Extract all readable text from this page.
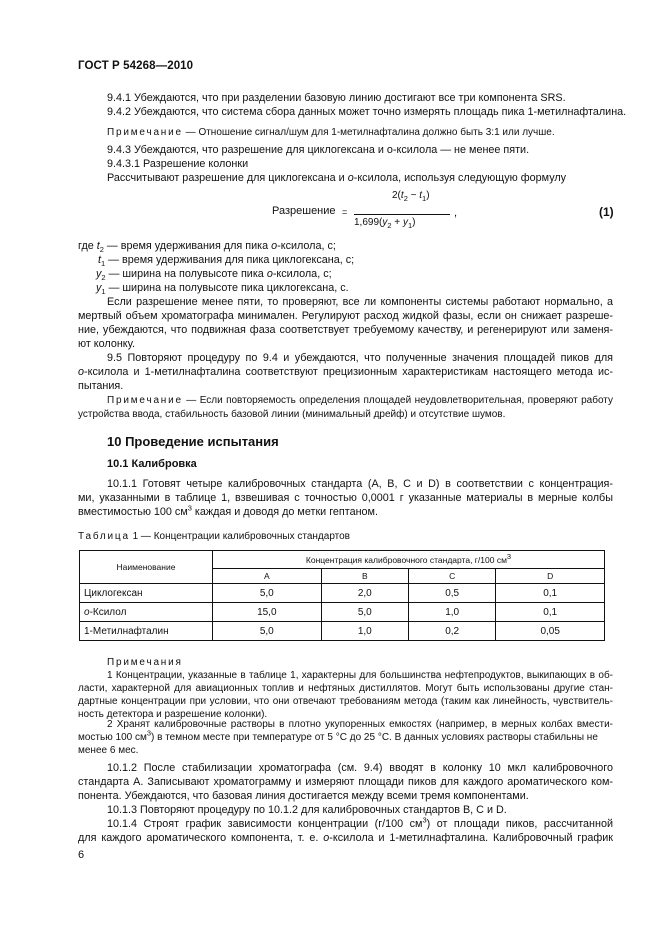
ГОСТ Р 54268—2010
9.4.1 Убеждаются, что при разделении базовую линию достигают все три компонента SRS.
9.4.2 Убеждаются, что система сбора данных может точно измерять площадь пика 1-метилнафталина.
Примечание — Отношение сигнал/шум для 1-метилнафталина должно быть 3:1 или лучше.
9.4.3 Убеждаются, что разрешение для циклогексана и о-ксилола — не менее пяти.
9.4.3.1 Разрешение колонки
Рассчитывают разрешение для циклогексана и о-ксилола, используя следующую формулу
Разрешение =
$2(t_2 - t_1)$
$1,699(y_2 + y_1)$
,	(1)
где $t_2$ — время удерживания для пика о-ксилола, с;
$t_1$ — время удерживания для пика циклогексана, с;
$y_2$ — ширина на полувысоте пика о-ксилола, с;
$y_1$ — ширина на полувысоте пика циклогексана, с.
Если разрешение менее пяти, то проверяют, все ли компоненты системы работают нормально, а
мертвый объем хроматографа минимален. Регулируют расход жидкой фазы, если он снижает разреше-
ние, убеждаются, что подвижная фаза соответствует требуемому качеству, и регенерируют или заменя-
ют колонку.
9.5 Повторяют процедуру по 9.4 и убеждаются, что полученные значения площадей пиков для
о-ксилола и 1-метилнафталина соответствуют прецизионным характеристикам настоящего метода ис-
пытания.
Примечание — Если повторяемость определения площадей неудовлетворительная, проверяют работу
устройства ввода, стабильность базовой линии (минимальный дрейф) и отсутствие шумов.
10 Проведение испытания
10.1 Калибровка
10.1.1 Готовят четыре калибровочных стандарта (A, B, C и D) в соответствии с концентрация-
ми, указанными в таблице 1, взвешивая с точностью 0,0001 г указанные материалы в мерные колбы
вместимостью 100 $см^3$ каждая и доводя до метки гептаном.
Таблица 1 — Концентрации калибровочных стандартов
Наименование	Концентрация калибровочного стандарта, г/100 $см^3$
	A	B	C	D
Циклогексан	5,0	2,0	0,5	0,1
о-Ксилол	15,0	5,0	1,0	0,1
1-Метилнафталин	5,0	1,0	0,2	0,05
Примечания
1 Концентрации, указанные в таблице 1, характерны для большинства нефтепродуктов, выкипающих в об-
ласти, характерной для авиационных топлив и нефтяных дистиллятов. Могут быть использованы другие стан-
дартные концентрации при условии, что они отвечают требованиям метода (таким как линейность, чувствитель-
ность детектора и разрешение колонки).
2 Хранят калибровочные растворы в плотно укупоренных емкостях (например, в мерных колбах вмести-
мостью 100 $см^3$) в темном месте при температуре от 5 °С до 25 °С. В данных условиях растворы стабильны не
менее 6 мес.
10.1.2 После стабилизации хроматографа (см. 9.4) вводят в колонку 10 мкл калибровочного
стандарта А. Записывают хроматограмму и измеряют площади пиков для каждого ароматического ком-
понента. Убеждаются, что базовая линия достигается между всеми тремя компонентами.
10.1.3 Повторяют процедуру по 10.1.2 для калибровочных стандартов B, C и D.
10.1.4 Строят график зависимости концентрации (г/100 $см^3$) от площади пиков, рассчитанной
для каждого ароматического компонента, т. е. о-ксилола и 1-метилнафталина. Калибровочный график
6
